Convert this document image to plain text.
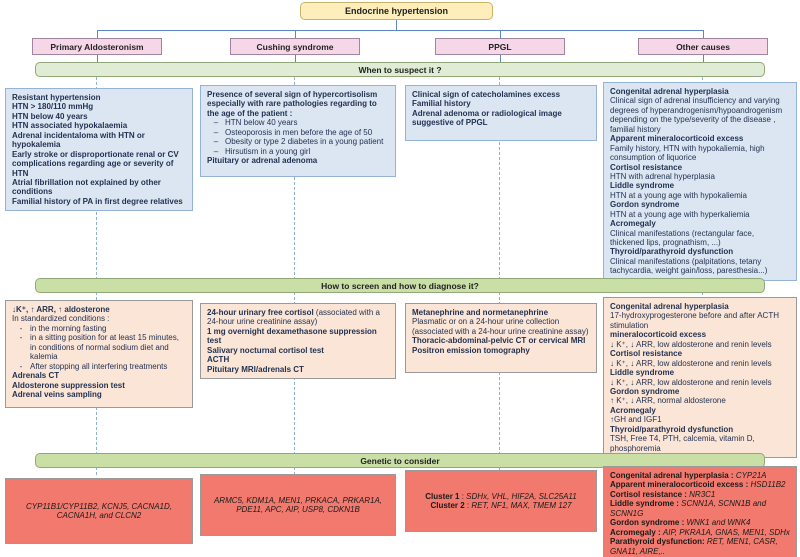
Endocrine hypertension
Primary Aldosteronism	Cushing syndrome	PPGL	Other causes
When to suspect it ?
Resistant hypertension
HTN > 180/110 mmHg
HTN below 40 years
HTN associated hypokalaemia
Adrenal incidentaloma with HTN or hypokalemia
Early stroke or disproportionate renal or CV complications regarding age or severity of HTN
Atrial fibrillation not explained by other conditions
Familial history of PA in first degree relatives
Presence of several sign of hypercortisolism especially with rare pathologies regarding to the age of the patient :
– HTN below 40 years
– Osteoporosis in men before the age of 50
– Obesity or type 2 diabetes in a young patient
– Hirsutism in a young girl
Pituitary or adrenal adenoma
Clinical sign of catecholamines excess
Familial history
Adrenal adenoma or radiological image suggestive of PPGL
Congenital adrenal hyperplasia
Clinical sign of adrenal insufficiency and varying degrees of hyperandrogenism/hypoandrogenism depending on the type/severity of the disease , familial history
Apparent mineralocorticoid excess
Family history, HTN with hypokaliemia, high consumption of liquorice
Cortisol resistance
HTN with adrenal hyperplasia
Liddle syndrome
HTN at a young age with hypokaliemia
Gordon syndrome
HTN at a young age with hyperkaliemia
Acromegaly
Clinical manifestations (rectangular face, thickened lips, prognathism, ...)
Thyroid/parathyroid dysfunction
Clinical manifestations (palpitations, tetany tachycardia, weight gain/loss, paresthesia...)
How to screen and how to diagnose it?
↓K⁺, ↑ ARR, ↑ aldosterone
In standardized conditions :
- in the morning fasting
- in a sitting position for at least 15 minutes, in conditions of normal sodium diet and kalemia
- After stopping all interfering treatments
Adrenals CT
Aldosterone suppression test
Adrenal veins sampling
24-hour urinary free cortisol (associated with a 24-hour urine creatinine assay)
1 mg overnight dexamethasone suppression test
Salivary nocturnal cortisol test
ACTH
Pituitary MRI/adrenals CT
Metanephrine and normetanephrine
Plasmatic or on a 24-hour urine collection (associated with a 24-hour urine creatinine assay)
Thoracic-abdominal-pelvic CT or cervical MRI
Positron emission tomography
Congenital adrenal hyperplasia
17-hydroxyprogesterone before and after ACTH stimulation
mineralocorticoid excess
↓ K⁺, ↓ ARR, low aldosterone and renin levels
Cortisol resistance
↓ K⁺, ↓ ARR, low aldosterone and renin levels
Liddle syndrome
↓ K⁺, ↓ ARR, low aldosterone and renin levels
Gordon syndrome
↑ K⁺, ↓ ARR, normal aldosterone
Acromegaly
↑GH and IGF1
Thyroid/parathyroid dysfunction
TSH, Free T4, PTH, calcemia, vitamin D, phosphoremia
Genetic to consider
CYP11B1/CYP11B2, KCNJ5, CACNA1D, CACNA1H, and CLCN2
ARMC5, KDM1A, MEN1, PRKACA, PRKAR1A, PDE11, APC, AIP, USP8, CDKN1B
Cluster 1 : SDHx, VHL, HIF2A, SLC25A11
Cluster 2 : RET, NF1, MAX, TMEM 127
Congenital adrenal hyperplasia : CYP21A
Apparent mineralocorticoid excess : HSD11B2
Cortisol resistance : NR3C1
Liddle syndrome : SCNN1A, SCNN1B and SCNN1G
Gordon syndrome : WNK1 and WNK4
Acromegaly : AIP, PKRA1A, GNAS, MEN1, SDHx
Parathyroid dysfunction: RET, MEN1, CASR, GNA11, AIRE,..
